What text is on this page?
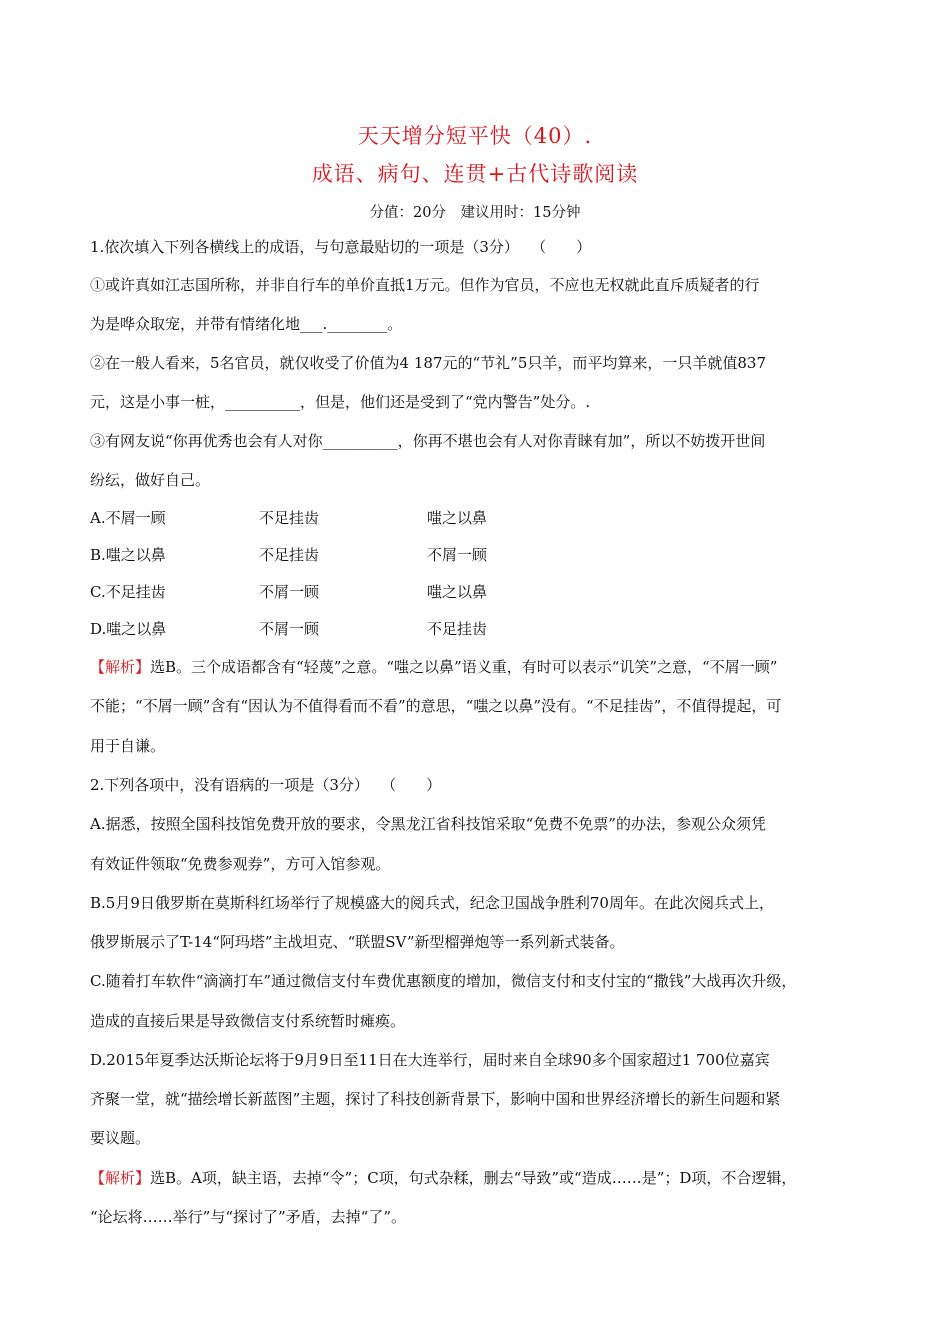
天天增分短平快（40）.
成语、病句、连贯+古代诗歌阅读
分值：20分　建议用时：15分钟
1.依次填入下列各横线上的成语，与句意最贴切的一项是（3分）　 （　　）
①或许真如江志国所称，并非自行车的单价直抵1万元。但作为官员，不应也无权就此直斥质疑者的行
为是哗众取宠，并带有情绪化地___.________。
②在一般人看来，5名官员，就仅收受了价值为4 187元的“节礼”5只羊，而平均算来，一只羊就值837
元，这是小事一桩，__________，但是，他们还是受到了“党内警告”处分。.
③有网友说“你再优秀也会有人对你__________，你再不堪也会有人对你青睐有加”，所以不妨拨开世间
纷纭，做好自己。
A.不屑一顾	不足挂齿	嗤之以鼻
B.嗤之以鼻	不足挂齿	不屑一顾
C.不足挂齿	不屑一顾	嗤之以鼻
D.嗤之以鼻	不屑一顾	不足挂齿
【解析】选B。三个成语都含有“轻蔑”之意。“嗤之以鼻”语义重，有时可以表示“讥笑”之意，“不屑一顾”
不能；“不屑一顾”含有“因认为不值得看而不看”的意思，“嗤之以鼻”没有。“不足挂齿”，不值得提起，可
用于自谦。
2.下列各项中，没有语病的一项是（3分）　 （　　）
A.据悉，按照全国科技馆免费开放的要求，令黑龙江省科技馆采取“免费不免票”的办法，参观公众须凭
有效证件领取“免费参观券”，方可入馆参观。
B.5月9日俄罗斯在莫斯科红场举行了规模盛大的阅兵式，纪念卫国战争胜利70周年。在此次阅兵式上，
俄罗斯展示了T-14“阿玛塔”主战坦克、“联盟SV”新型榴弹炮等一系列新式装备。
C.随着打车软件“滴滴打车”通过微信支付车费优惠额度的增加，微信支付和支付宝的“撒钱”大战再次升级，
造成的直接后果是导致微信支付系统暂时瘫痪。
D.2015年夏季达沃斯论坛将于9月9日至11日在大连举行，届时来自全球90多个国家超过1 700位嘉宾
齐聚一堂，就“描绘增长新蓝图”主题，探讨了科技创新背景下，影响中国和世界经济增长的新生问题和紧
要议题。
【解析】选B。A项，缺主语，去掉“令”；C项，句式杂糅，删去“导致”或“造成……是”；D项，不合逻辑，
“论坛将……举行”与“探讨了”矛盾，去掉“了”。
